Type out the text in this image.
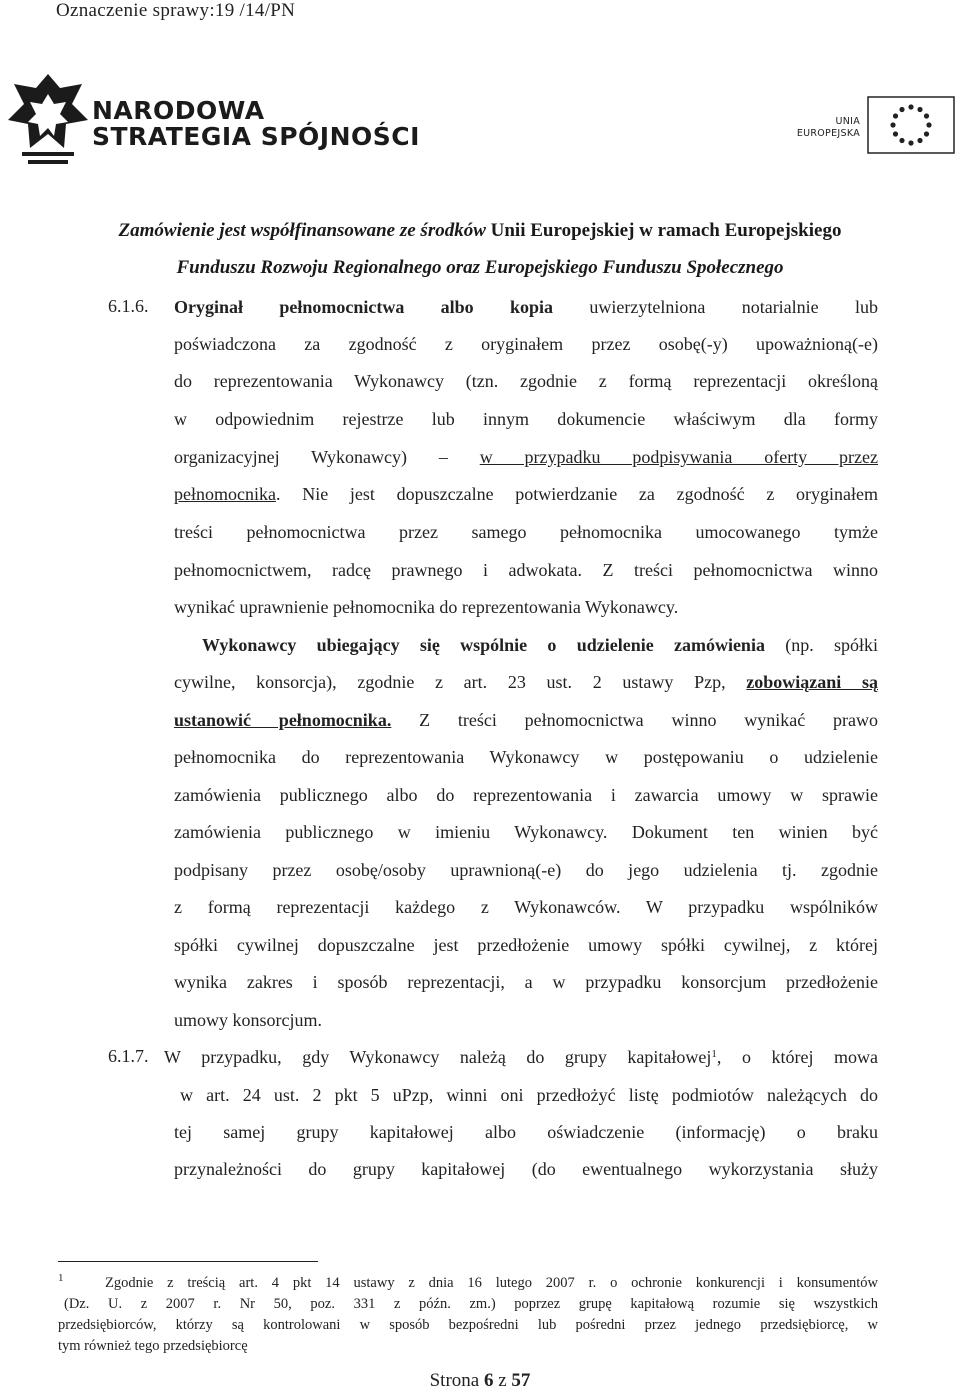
Oznaczenie sprawy:19 /14/PN
NARODOWA
STRATEGIA SPÓJNOŚCI
UNIA
EUROPEJSKA
Zamówienie jest współfinansowane ze środków Unii Europejskiej w ramach Europejskiego
Funduszu Rozwoju Regionalnego oraz Europejskiego Funduszu Społecznego
6.1.6. Oryginał pełnomocnictwa albo kopia uwierzytelniona notarialnie lub
poświadczona za zgodność z oryginałem przez osobę(-y) upoważnioną(-e)
do reprezentowania Wykonawcy (tzn. zgodnie z formą reprezentacji określoną
w odpowiednim rejestrze lub innym dokumencie właściwym dla formy
organizacyjnej Wykonawcy) – w przypadku podpisywania oferty przez
pełnomocnika. Nie jest dopuszczalne potwierdzanie za zgodność z oryginałem
treści pełnomocnictwa przez samego pełnomocnika umocowanego tymże
pełnomocnictwem, radcę prawnego i adwokata. Z treści pełnomocnictwa winno
wynikać uprawnienie pełnomocnika do reprezentowania Wykonawcy.
Wykonawcy ubiegający się wspólnie o udzielenie zamówienia (np. spółki
cywilne, konsorcja), zgodnie z art. 23 ust. 2 ustawy Pzp, zobowiązani są
ustanowić pełnomocnika. Z treści pełnomocnictwa winno wynikać prawo
pełnomocnika do reprezentowania Wykonawcy w postępowaniu o udzielenie
zamówienia publicznego albo do reprezentowania i zawarcia umowy w sprawie
zamówienia publicznego w imieniu Wykonawcy. Dokument ten winien być
podpisany przez osobę/osoby uprawnioną(-e) do jego udzielenia tj. zgodnie
z formą reprezentacji każdego z Wykonawców. W przypadku wspólników
spółki cywilnej dopuszczalne jest przedłożenie umowy spółki cywilnej, z której
wynika zakres i sposób reprezentacji, a w przypadku konsorcjum przedłożenie
umowy konsorcjum.
6.1.7. W przypadku, gdy Wykonawcy należą do grupy kapitałowej$^1$, o której mowa
w art. 24 ust. 2 pkt 5 uPzp, winni oni przedłożyć listę podmiotów należących do
tej samej grupy kapitałowej albo oświadczenie (informację) o braku
przynależności do grupy kapitałowej (do ewentualnego wykorzystania służy
$^1$	Zgodnie z treścią art. 4 pkt 14 ustawy z dnia 16 lutego 2007 r. o ochronie konkurencji i konsumentów
(Dz. U. z 2007 r. Nr 50, poz. 331 z późn. zm.) poprzez grupę kapitałową rozumie się wszystkich
przedsiębiorców, którzy są kontrolowani w sposób bezpośredni lub pośredni przez jednego przedsiębiorcę, w
tym również tego przedsiębiorcę
Strona 6 z 57
